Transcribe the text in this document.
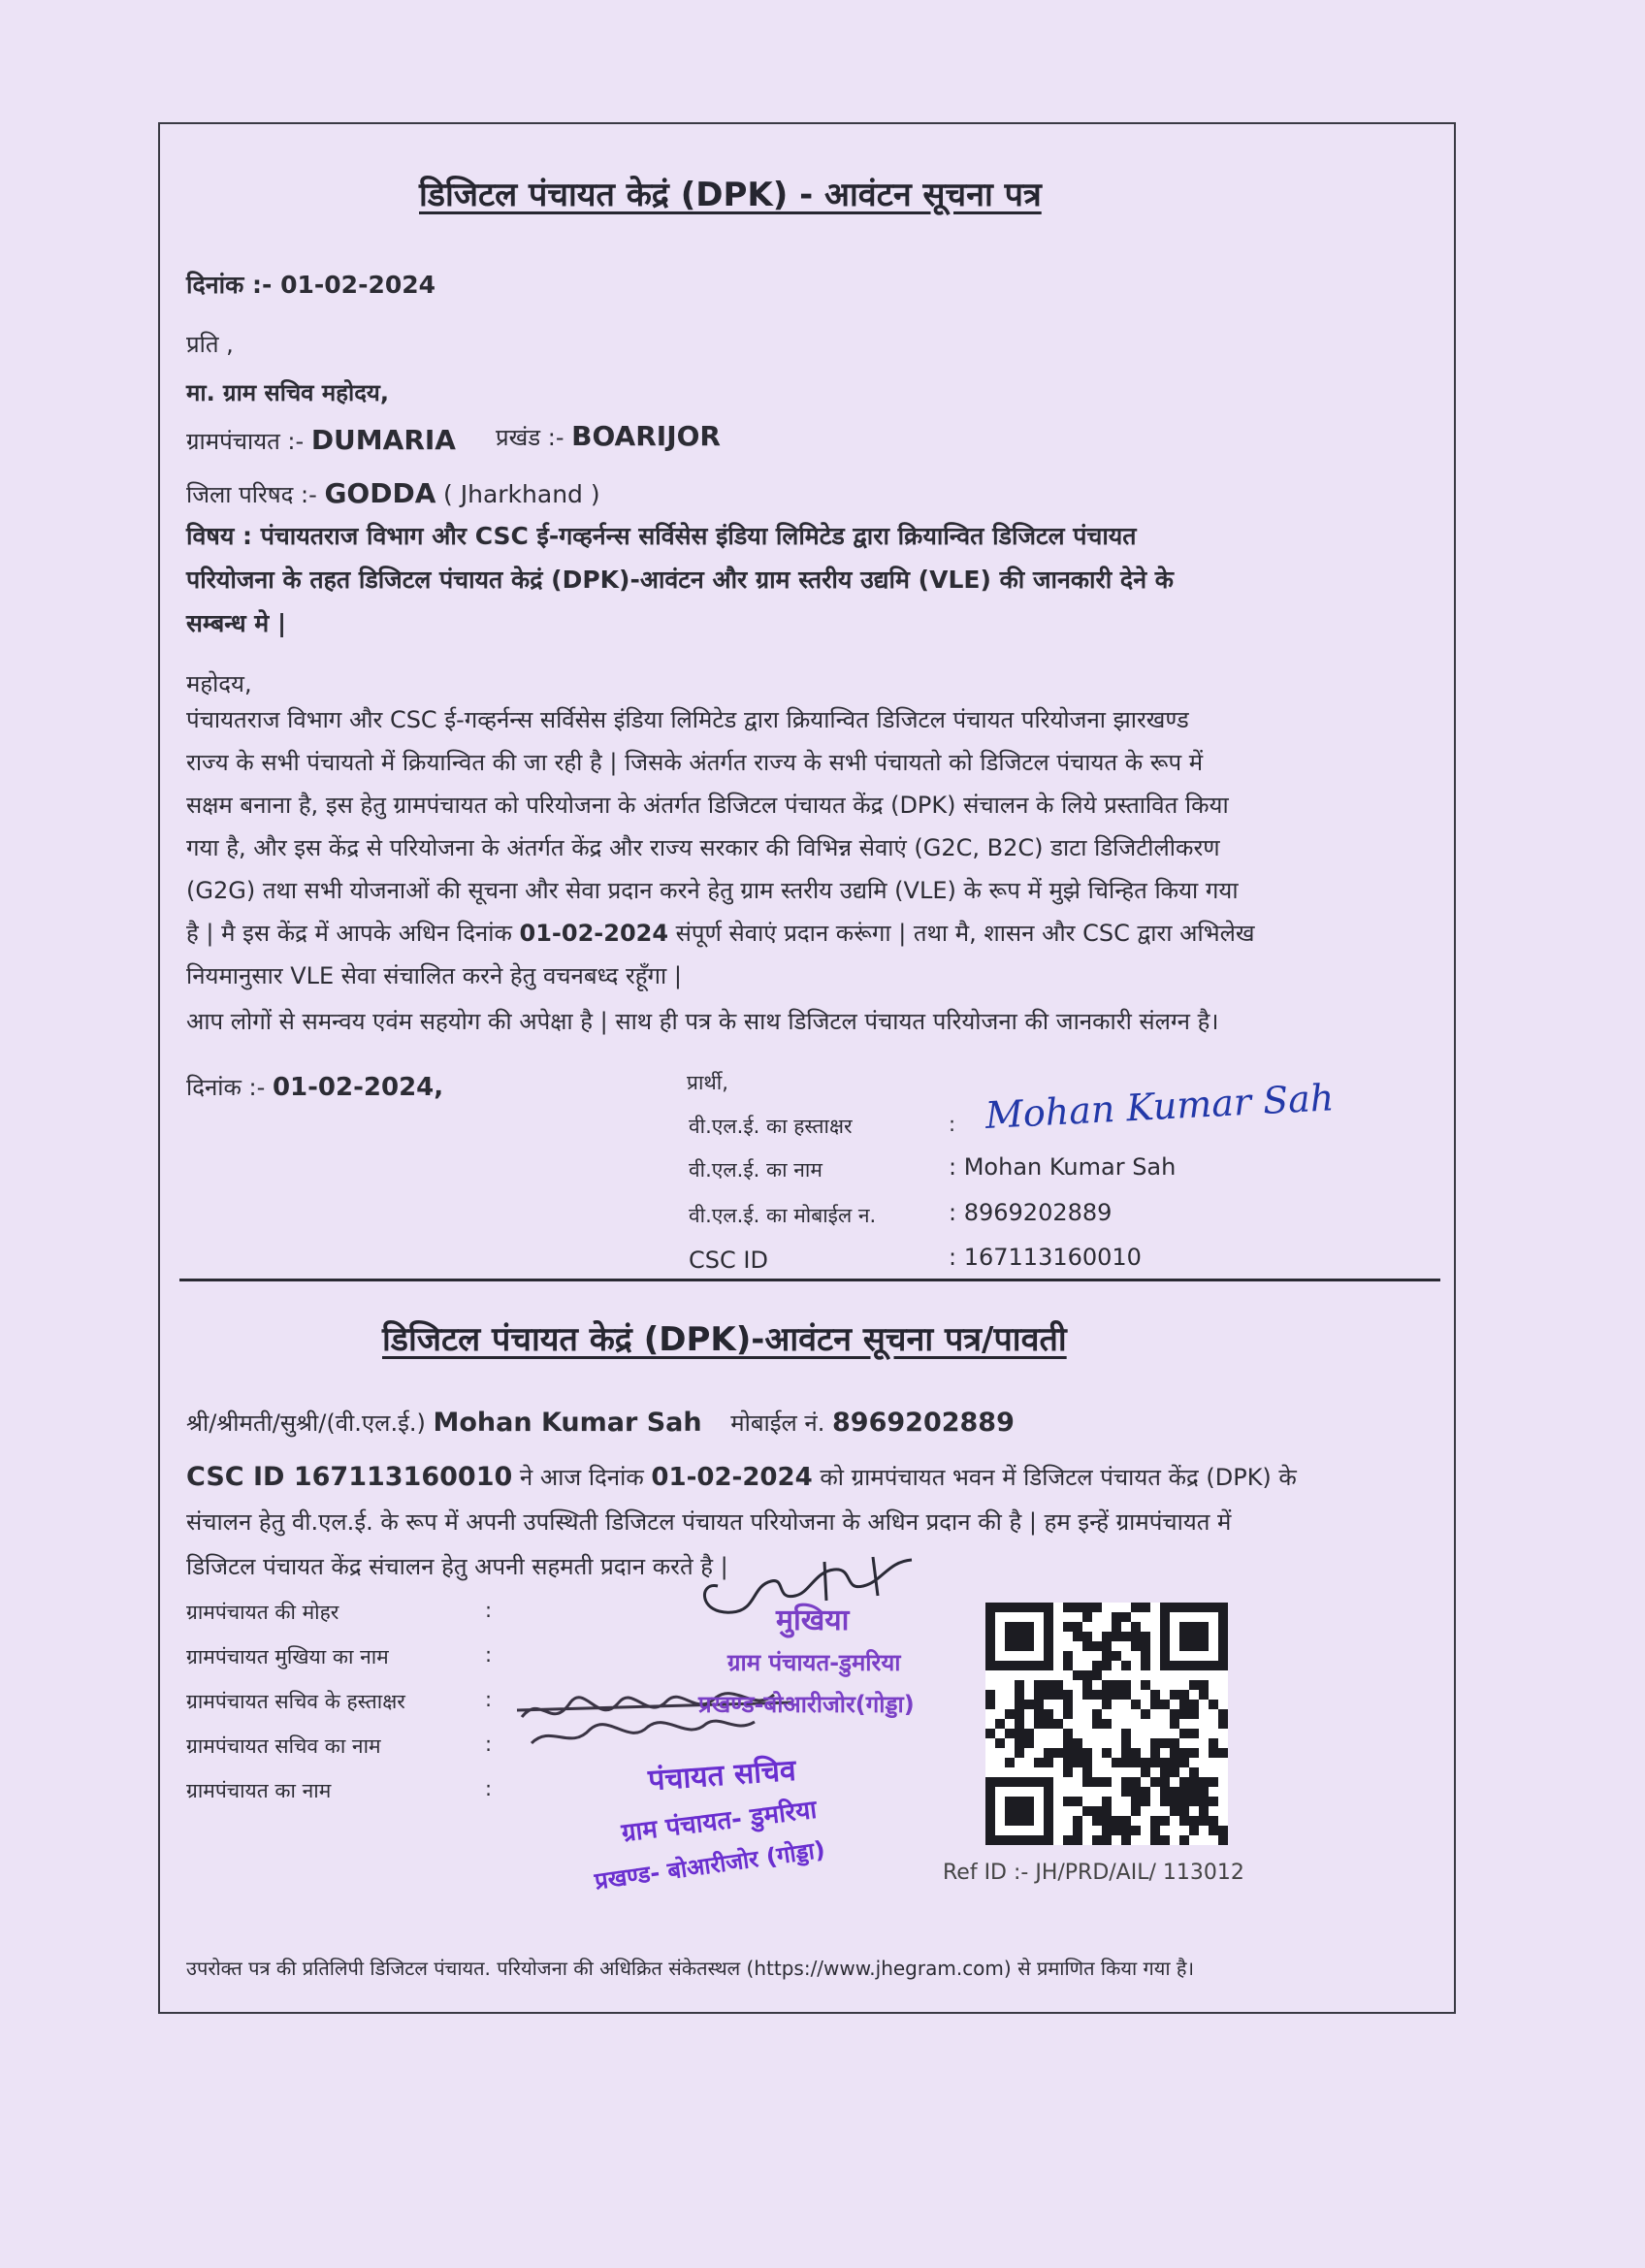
डिजिटल पंचायत केद्रं (DPK) - आवंटन सूचना पत्र
दिनांक :- 01-02-2024
प्रति ,
मा. ग्राम सचिव महोदय,
ग्रामपंचायत :- DUMARIA प्रखंड :- BOARIJOR
जिला परिषद :- GODDA ( Jharkhand )
विषय : पंचायतराज विभाग और CSC ई-गव्हर्नन्स सर्विसेस इंडिया लिमिटेड द्वारा क्रियान्वित डिजिटल पंचायत
परियोजना के तहत डिजिटल पंचायत केद्रं (DPK)-आवंटन और ग्राम स्तरीय उद्यमि (VLE) की जानकारी देने के
सम्बन्ध मे |
महोदय,
पंचायतराज विभाग और CSC ई-गव्हर्नन्स सर्विसेस इंडिया लिमिटेड द्वारा क्रियान्वित डिजिटल पंचायत परियोजना झारखण्ड
राज्य के सभी पंचायतो में क्रियान्वित की जा रही है | जिसके अंतर्गत राज्य के सभी पंचायतो को डिजिटल पंचायत के रूप में
सक्षम बनाना है, इस हेतु ग्रामपंचायत को परियोजना के अंतर्गत डिजिटल पंचायत केंद्र (DPK) संचालन के लिये प्रस्तावित किया
गया है, और इस केंद्र से परियोजना के अंतर्गत केंद्र और राज्य सरकार की विभिन्न सेवाएं (G2C, B2C) डाटा डिजिटीलीकरण
(G2G) तथा सभी योजनाओं की सूचना और सेवा प्रदान करने हेतु ग्राम स्तरीय उद्यमि (VLE) के रूप में मुझे चिन्हित किया गया
है | मै इस केंद्र में आपके अधिन दिनांक 01-02-2024 संपूर्ण सेवाएं प्रदान करूंगा | तथा मै, शासन और CSC द्वारा अभिलेख
नियमानुसार VLE सेवा संचालित करने हेतु वचनबध्द रहूँगा |
आप लोगों से समन्वय एवंम सहयोग की अपेक्षा है | साथ ही पत्र के साथ डिजिटल पंचायत परियोजना की जानकारी संलग्न है।
दिनांक :- 01-02-2024,	प्रार्थी,
वी.एल.ई. का हस्ताक्षर	: Mohan Kumar Sah
वी.एल.ई. का नाम	: Mohan Kumar Sah
वी.एल.ई. का मोबाईल न.	: 8969202889
CSC ID	: 167113160010
डिजिटल पंचायत केद्रं (DPK)-आवंटन सूचना पत्र/पावती
श्री/श्रीमती/सुश्री/(वी.एल.ई.) Mohan Kumar Sah मोबाईल नं. 8969202889
CSC ID 167113160010 ने आज दिनांक 01-02-2024 को ग्रामपंचायत भवन में डिजिटल पंचायत केंद्र (DPK) के
संचालन हेतु वी.एल.ई. के रूप में अपनी उपस्थिती डिजिटल पंचायत परियोजना के अधिन प्रदान की है | हम इन्हें ग्रामपंचायत में
डिजिटल पंचायत केंद्र संचालन हेतु अपनी सहमती प्रदान करते है |
ग्रामपंचायत की मोहर	:
ग्रामपंचायत मुखिया का नाम	:
ग्रामपंचायत सचिव के हस्ताक्षर	:
ग्रामपंचायत सचिव का नाम	:
ग्रामपंचायत का नाम	:
मुखिया
ग्राम पंचायत-डुमरिया
प्रखण्ड-बोआरीजोर(गोड्डा)
पंचायत सचिव
ग्राम पंचायत- डुमरिया
प्रखण्ड- बोआरीजोर (गोड्डा)	Ref ID :- JH/PRD/AIL/ 113012
उपरोक्त पत्र की प्रतिलिपी डिजिटल पंचायत. परियोजना की अधिक्रित संकेतस्थल (https://www.jhegram.com) से प्रमाणित किया गया है।
